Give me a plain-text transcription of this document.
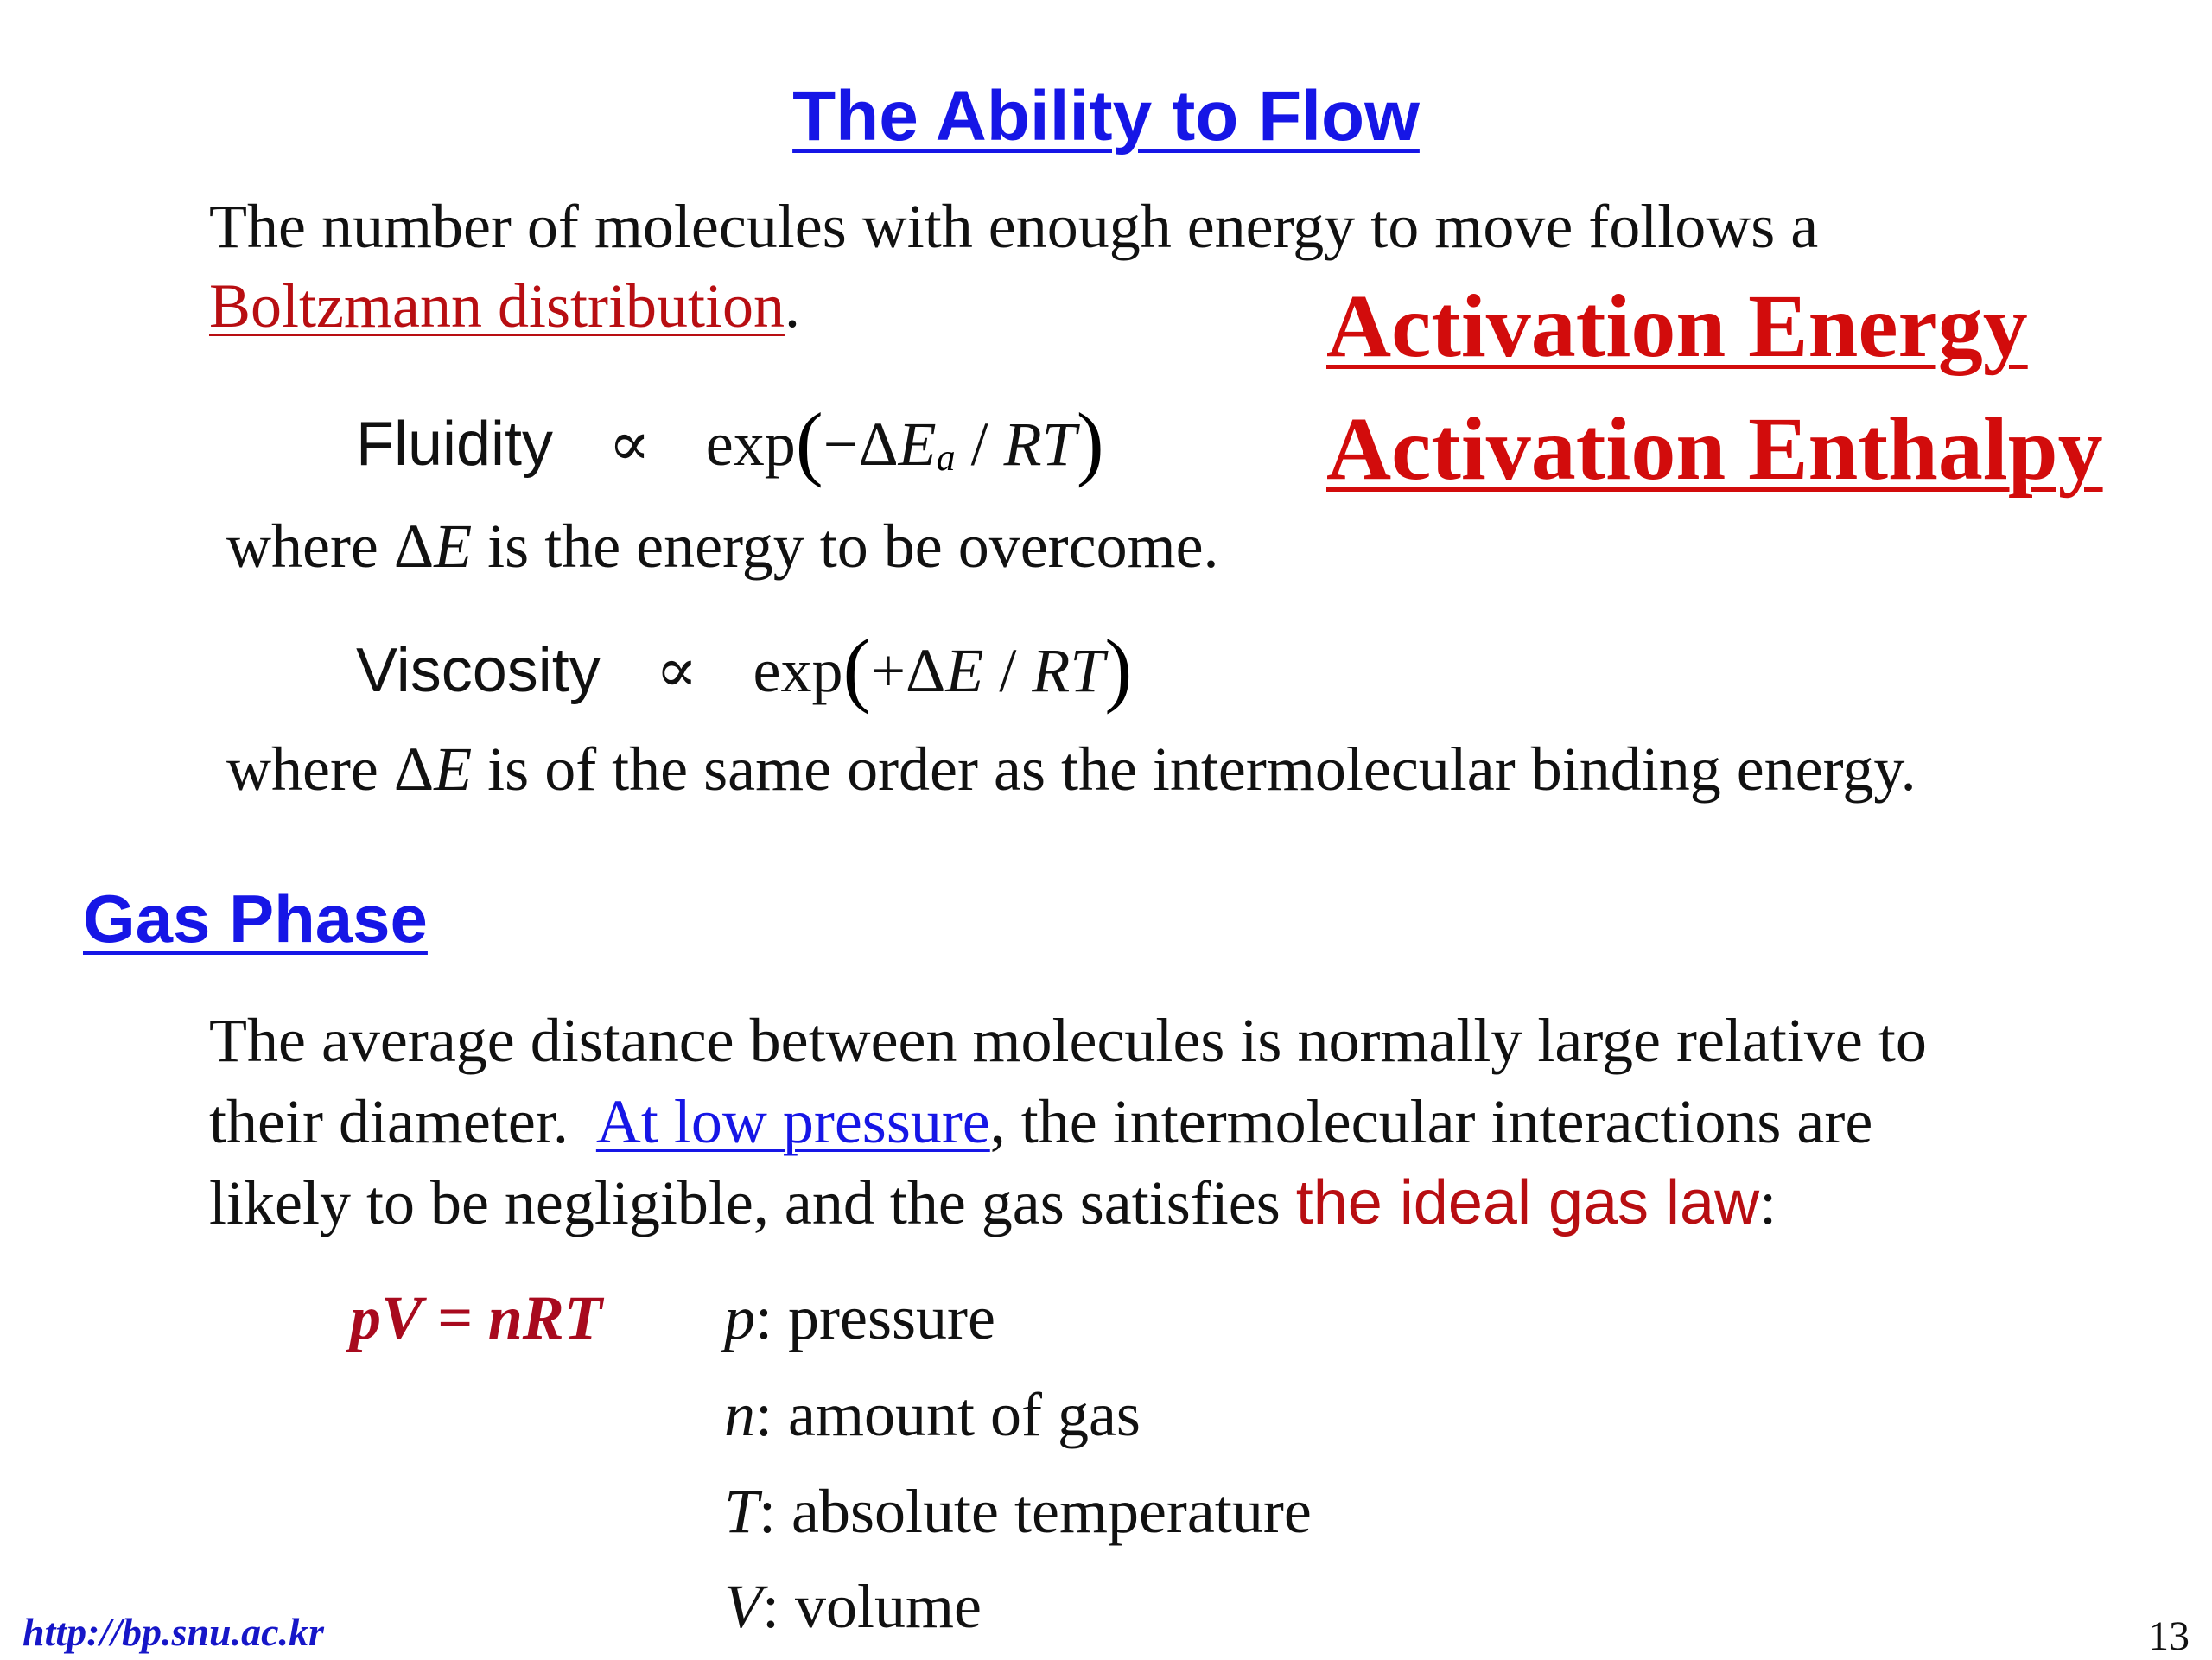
The Ability to Flow
The number of molecules with enough energy to move follows a
Boltzmann distribution.	Activation Energy
Activation Enthalpy
Fluidity ∝ exp(−ΔEa / RT)
where ΔE is the energy to be overcome.
Viscosity ∝ exp(+ΔE / RT)
where ΔE is of the same order as the intermolecular binding energy.
Gas Phase
The average distance between molecules is normally large relative to
their diameter.  At low pressure, the intermolecular interactions are
likely to be negligible, and the gas satisfies the ideal gas law:
pV = nRT p: pressure
n: amount of gas
T: absolute temperature
V: volume
http://bp.snu.ac.kr	13
